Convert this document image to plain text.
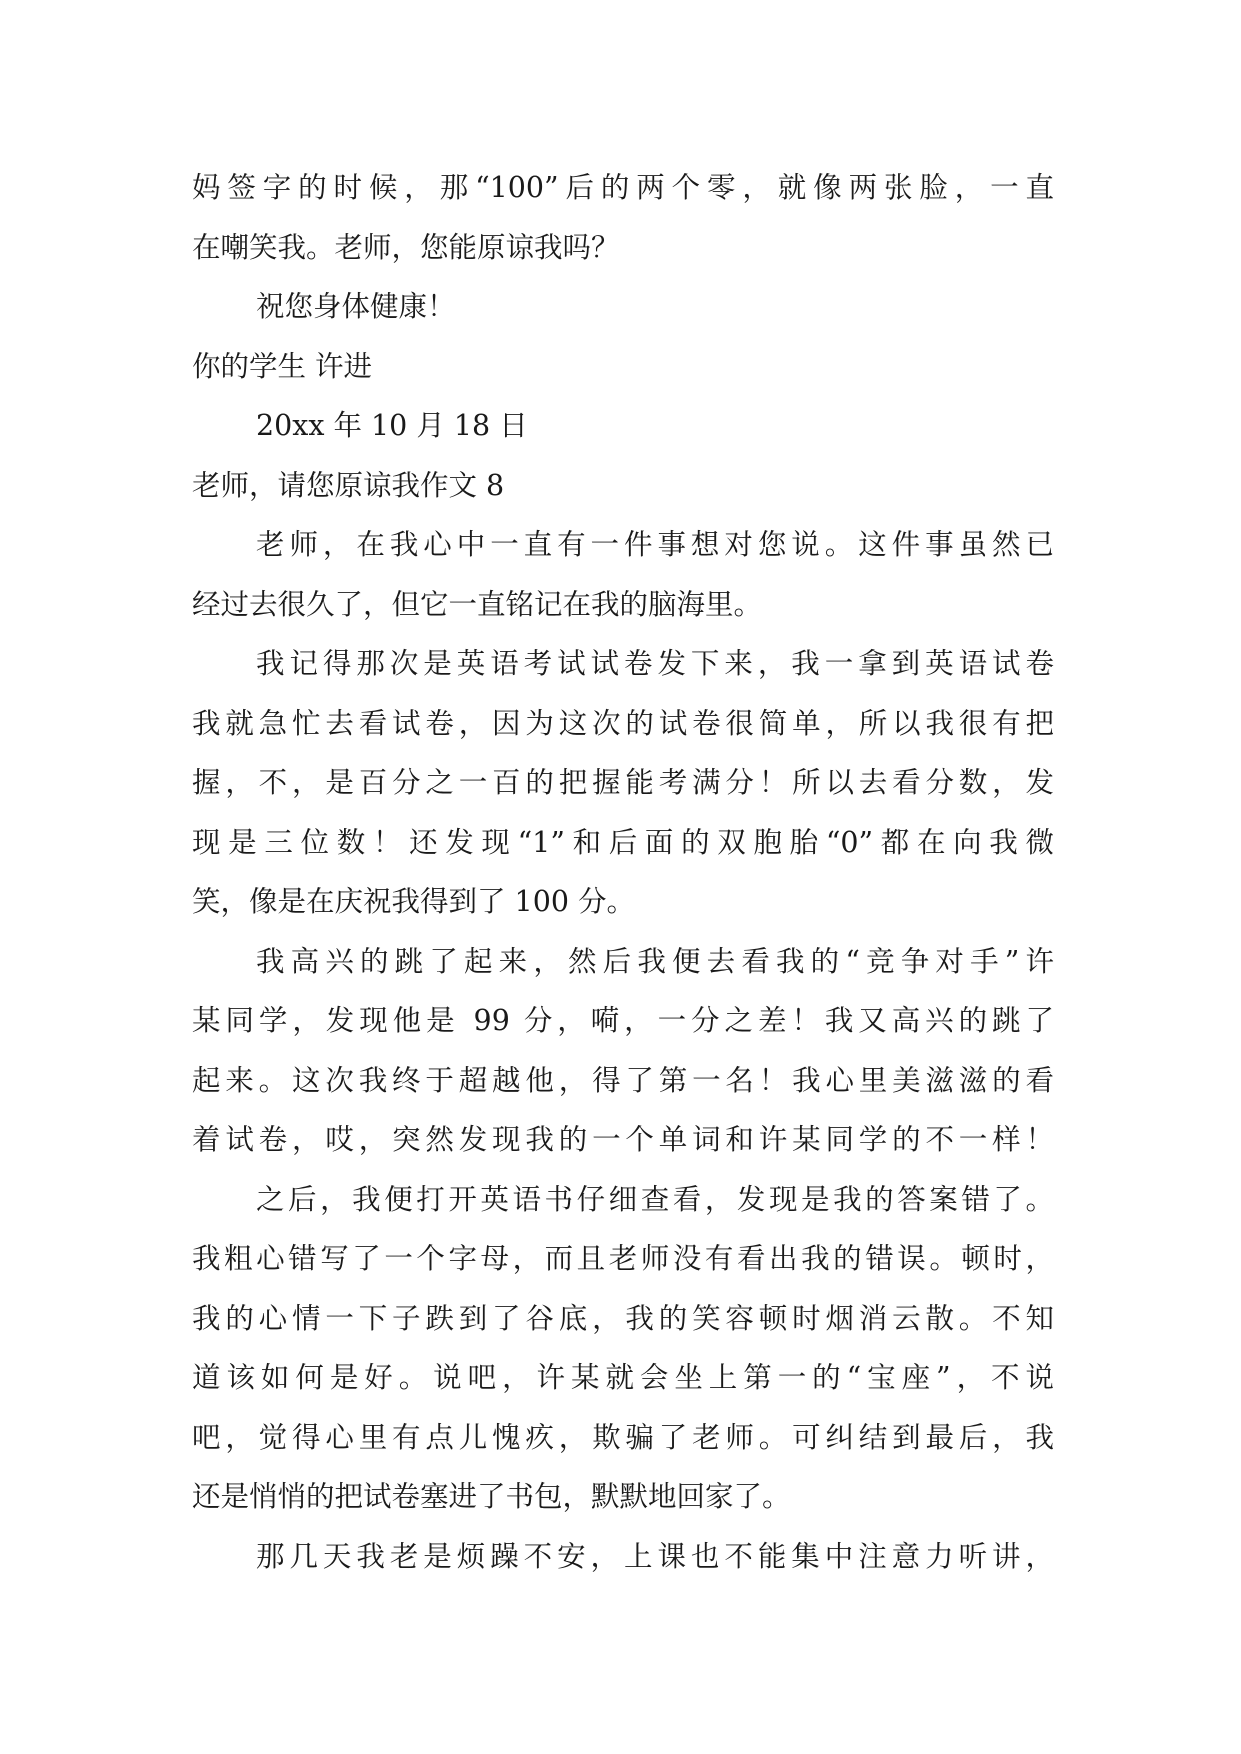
妈签字的时候，那“100”后的两个零，就像两张脸，一直
在嘲笑我。老师，您能原谅我吗？
祝您身体健康！
你的学生 许进
20xx 年 10 月 18 日
老师，请您原谅我作文 8
老师，在我心中一直有一件事想对您说。这件事虽然已
经过去很久了，但它一直铭记在我的脑海里。
我记得那次是英语考试试卷发下来，我一拿到英语试卷
我就急忙去看试卷，因为这次的试卷很简单，所以我很有把
握，不，是百分之一百的把握能考满分！所以去看分数，发
现是三位数！还发现“1”和后面的双胞胎“0”都在向我微
笑，像是在庆祝我得到了 100 分。
我高兴的跳了起来，然后我便去看我的“竞争对手”许
某同学，发现他是 99 分，嗬，一分之差！我又高兴的跳了
起来。这次我终于超越他，得了第一名！我心里美滋滋的看
着试卷，哎，突然发现我的一个单词和许某同学的不一样！
之后，我便打开英语书仔细查看，发现是我的答案错了。
我粗心错写了一个字母，而且老师没有看出我的错误。顿时，
我的心情一下子跌到了谷底，我的笑容顿时烟消云散。不知
道该如何是好。说吧，许某就会坐上第一的“宝座”，不说
吧，觉得心里有点儿愧疚，欺骗了老师。可纠结到最后，我
还是悄悄的把试卷塞进了书包，默默地回家了。
那几天我老是烦躁不安，上课也不能集中注意力听讲，
